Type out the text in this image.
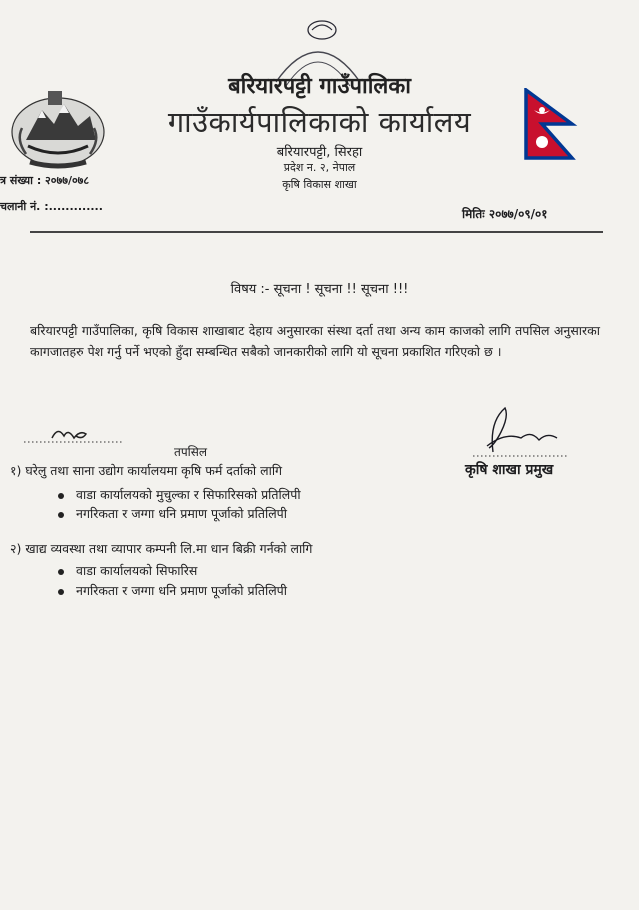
बरियारपट्टी गाउँपालिका
गाउँकार्यपालिकाको कार्यालय
बरियारपट्टी, सिरहा
प्रदेश न. २, नेपाल
कृषि विकास शाखा
त्र संख्या : २०७७/०७८
चलानी नं. :.............
मितिः २०७७/०९/०१
विषय :- सूचना ! सूचना !! सूचना !!!
बरियारपट्टी गाउँपालिका, कृषि विकास शाखाबाट देहाय अनुसारका संस्था दर्ता तथा अन्य काम काजको लागि तपसिल अनुसारका कागजातहरु पेश गर्नु पर्ने भएको हुँदा सम्बन्धित सबैको जानकारीको लागि यो सूचना प्रकाशित गरिएको छ ।
कृषि शाखा प्रमुख
तपसिल
१) घरेलु तथा साना उद्योग कार्यालयमा कृषि फर्म दर्ताको लागि
वाडा कार्यालयको मुचुल्का र सिफारिसको प्रतिलिपी
नगरिकता र जग्गा धनि प्रमाण पूर्जाको प्रतिलिपी
२) खाद्य व्यवस्था तथा व्यापार कम्पनी लि.मा धान बिक्री गर्नको लागि
वाडा कार्यालयको सिफारिस
नगरिकता र जग्गा धनि प्रमाण पूर्जाको प्रतिलिपी
